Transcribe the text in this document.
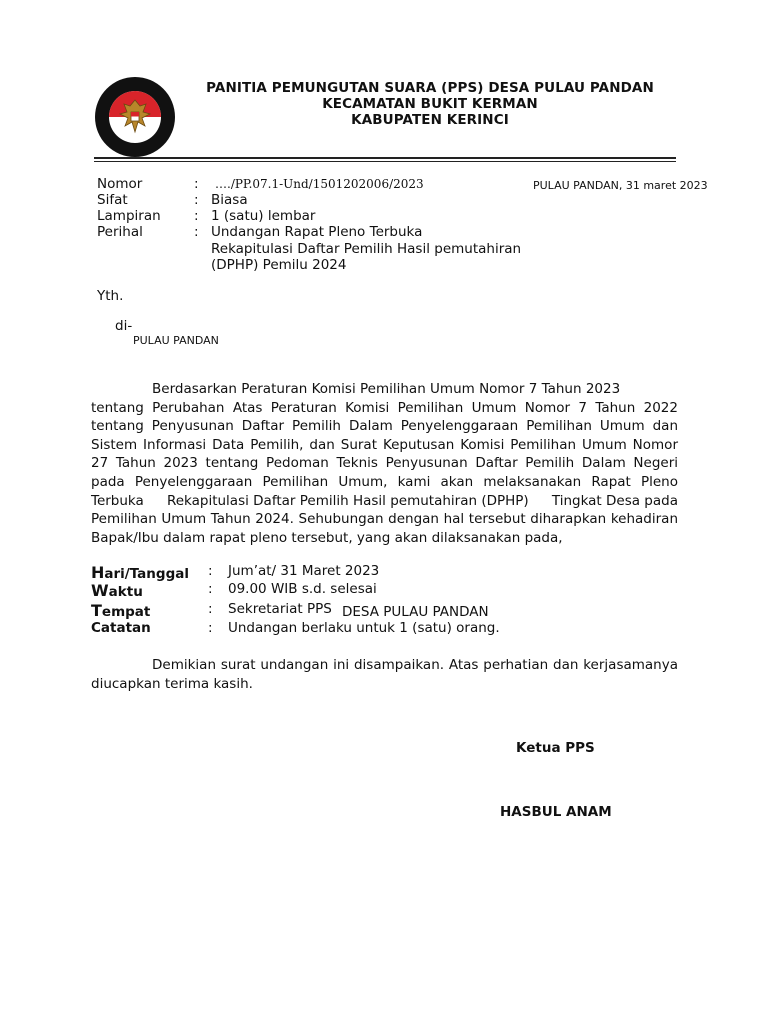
PANITIA PEMUNGUTAN SUARA (PPS) DESA PULAU PANDAN
KECAMATAN BUKIT KERMAN
KABUPATEN KERINCI
Nomor	: …./PP.07.1-Und/1501202006/2023	PULAU PANDAN, 31 maret 2023
Sifat	: Biasa
Lampiran : 1 (satu) lembar
Perihal	: Undangan Rapat Pleno Terbuka
Rekapitulasi Daftar Pemilih Hasil pemutahiran
(DPHP) Pemilu 2024
Yth.
di-
PULAU PANDAN
Berdasarkan Peraturan Komisi Pemilihan Umum Nomor 7 Tahun 2023
tentang Perubahan Atas Peraturan Komisi Pemilihan Umum Nomor 7 Tahun 2022
tentang Penyusunan Daftar Pemilih Dalam Penyelenggaraan Pemilihan Umum dan
Sistem Informasi Data Pemilih, dan Surat Keputusan Komisi Pemilihan Umum Nomor
27 Tahun 2023 tentang Pedoman Teknis Penyusunan Daftar Pemilih Dalam Negeri
pada Penyelenggaraan Pemilihan Umum, kami akan melaksanakan Rapat Pleno
Terbuka Rekapitulasi Daftar Pemilih Hasil pemutahiran (DPHP) Tingkat Desa pada
Pemilihan Umum Tahun 2024. Sehubungan dengan hal tersebut diharapkan kehadiran
Bapak/Ibu dalam rapat pleno tersebut, yang akan dilaksanakan pada,
Hari/Tanggal : Jum’at/ 31 Maret 2023
Waktu	: 09.00 WIB s.d. selesai
Tempat	: Sekretariat PPS DESA PULAU PANDAN
Catatan	: Undangan berlaku untuk 1 (satu) orang.
Demikian surat undangan ini disampaikan. Atas perhatian dan kerjasamanya
diucapkan terima kasih.
Ketua PPS
HASBUL ANAM
